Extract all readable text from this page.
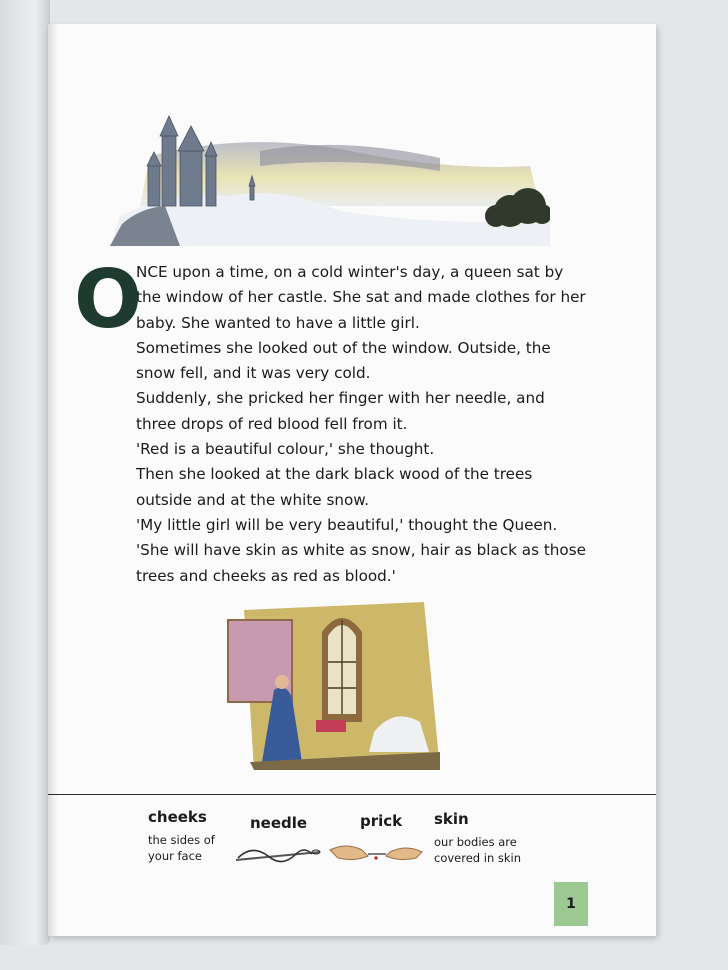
O

NCE upon a time, on a cold winter's day, a queen sat by

the window of her castle. She sat and made clothes for her

baby. She wanted to have a little girl.

Sometimes she looked out of the window. Outside, the

snow fell, and it was very cold.

Suddenly, she pricked her finger with her needle, and

three drops of red blood fell from it.

'Red is a beautiful colour,' she thought.

Then she looked at the dark black wood of the trees

outside and at the white snow.

'My little girl will be very beautiful,' thought the Queen.

'She will have skin as white as snow, hair as black as those

trees and cheeks as red as blood.'

cheeks
the sides of
your face
needle	prick skin
our bodies are
covered in skin
1
